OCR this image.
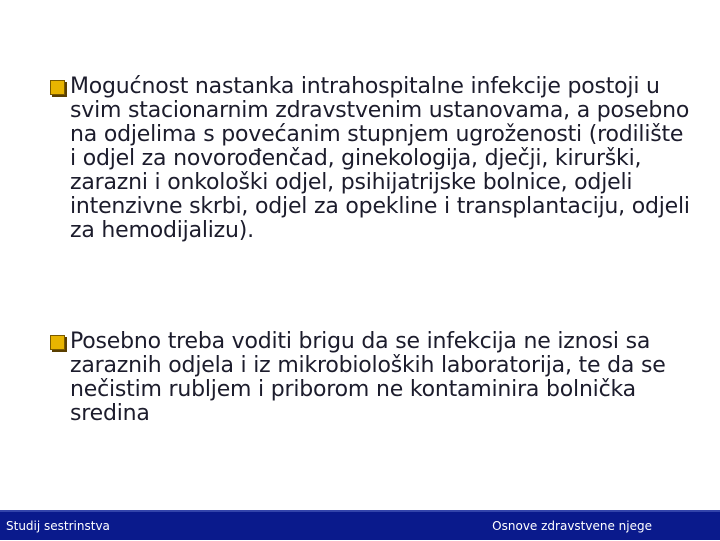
Mogućnost nastanka intrahospitalne infekcije postoji u svim stacionarnim zdravstvenim ustanovama, a posebno na odjelima s povećanim stupnjem ugroženosti (rodilište i odjel za novorođenčad, ginekologija, dječji, kirurški, zarazni i onkološki odjel, psihijatrijske bolnice, odjeli intenzivne skrbi, odjel za opekline i transplantaciju, odjeli za hemodijalizu).
Posebno treba voditi brigu da se infekcija ne iznosi sa zaraznih odjela i iz mikrobioloških laboratorija, te da se nečistim rubljem i priborom ne kontaminira bolnička sredina
Studij sestrinstva	Osnove zdravstvene njege
